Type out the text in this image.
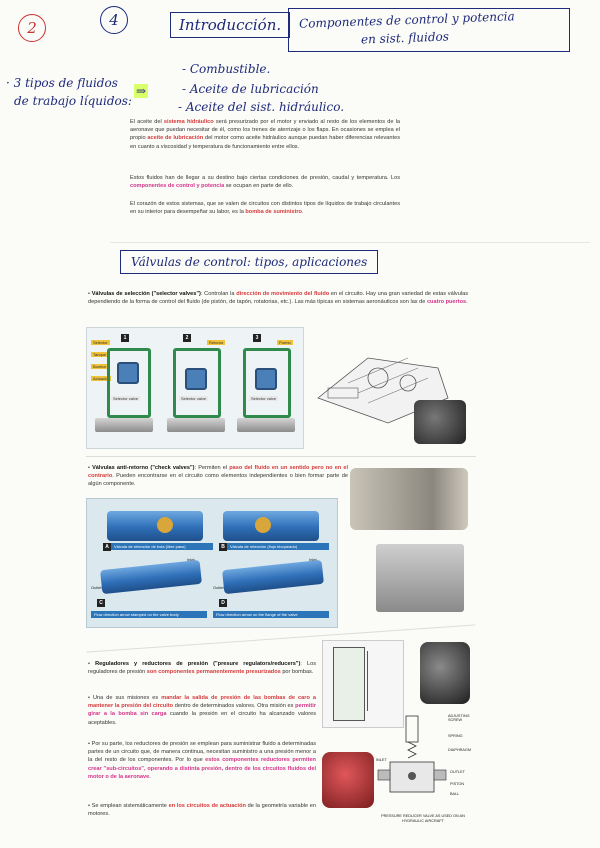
2	4	Introducción.	Componentes de control y potencia
en sist. fluidos
· 3 tipos de fluidos
de trabajo líquidos:
⇒
- Combustible.
- Aceite de lubricación
- Aceite del sist. hidráulico.
El aceite del sistema hidráulico será presurizado por el motor y enviado al resto de los elementos de la aeronave que puedan necesitar de él, como los trenes de aterrizaje o los flaps. En ocasiones se emplea el propio aceite de lubricación del motor como aceite hidráulico aunque puedan haber diferencias relevantes en cuanto a viscosidad y temperatura de funcionamiento entre ellos.
Estos fluidos han de llegar a su destino bajo ciertas condiciones de presión, caudal y temperatura. Los componentes de control y potencia se ocupan en parte de ello.
El corazón de estos sistemas, que se valen de circuitos con distintos tipos de líquidos de trabajo circulantes en su interior para desempeñar su labor, es la bomba de suministro.
Válvulas de control: tipos, aplicaciones
• Válvulas de selección ("selector valves"): Controlan la dirección de movimiento del fluido en el circuito. Hay una gran variedad de estas válvulas dependiendo de la forma de control del fluido (de pistón, de tapón, rotatorias, etc.). Las más típicas en sistemas aeronáuticos son las de cuatro puertos.
Selector
Tanque
Bomba
Actuador
1
Selector valve
2
Selector valve
Retorno
3
Selector valve
Puerto
• Válvulas anti-retorno ("check valves"): Permiten el paso del fluido en un sentido pero no en el contrario. Pueden encontrarse en el circuito como elementos independientes o bien formar parte de algún componente.
A	B
Válvula de retención de bola (libre paso)	Válvula de retención (flujo bloqueado)
Inlet
Outlet
Inlet
Outlet
C	D
Flow direction arrow stamped on the valve body	Flow direction arrow on the flange of the valve
• Reguladores y reductores de presión ("presure regulators/reducers"): Los reguladores de presión son componentes permanentemente presurizados por bombas.
• Una de sus misiones es mandar la salida de presión de las bombas de caro a mantener la presión del circuito dentro de determinados valores. Otra misión es permitir girar a la bomba sin carga cuando la presión en el circuito ha alcanzado valores aceptables.
• Por su parte, los reductores de presión se emplean para suministrar fluido a determinadas partes de un circuito que, de manera continua, necesitan suministro a una presión menor a la del resto de los componentes. Por lo que estos componentes reductores permiten crear "sub-circuitos", operando a distinta presión, dentro de los circuitos fluidos del motor o de la aeronave.
• Se emplean sistemáticamente en los circuitos de actuación de la geometría variable en motores.
ADJUSTING SCREW
SPRING
DIAPHRAGM
INLET
OUTLET
PISTON
BALL
PRESSURE REDUCER VALVE AS USED ON AN HYDRAULIC AIRCRAFT
